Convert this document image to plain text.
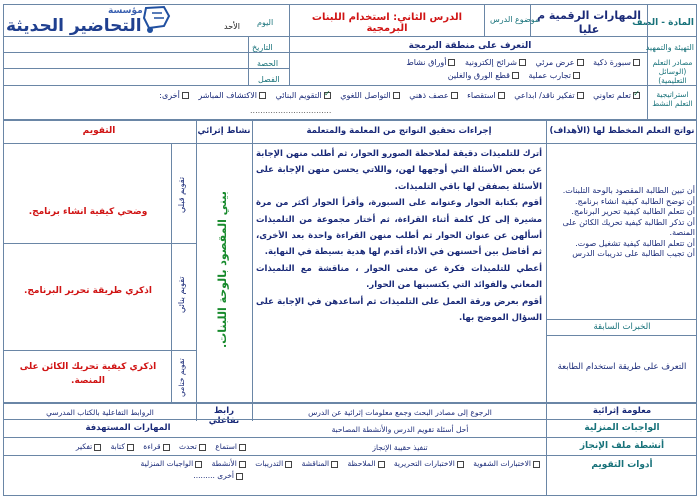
المادة - الصف
المهارات الرقمية م عليا
موضوع الدرس
الدرس الثاني: استخدام اللبنات البرمجية
اليوم
الأحد
مؤسسة
التحاضير الحديثة
التهيئة والتمهيد
التعرف على منطقة البرمجة
التاريخ
الحصة
الفصل
مصادر التعلم (الوسائل التعليمية)
سبورة ذكية عرض مرئي شرائح إلكترونية أوراق نشاط
تجارب عملية قطع الورق والغلين
استراتيجية التعلم النشط
✓تعلم تعاوني تفكير ناقد/ ابداعي استقصاء عصف ذهني التواصل اللغوي ✓التقويم البنائي الاكتشاف المباشر أخرى:
................................
نواتج التعلم المخطط لها (الأهداف)
إجراءات تحقيق النواتج من المعلمة والمتعلمة
نشاط إثرائي
التقويم
أن تبين الطالبة المقصود بالوحة التلبنات.
أن توضح الطالبة كيفية انشاء برنامج.
أن تتعلم الطالبة كيفية تحرير البرنامج.
أن تذكر الطالبة كيفية تحريك الكائن على المنصة.
أن تتعلم الطالبة كيفية تشغيل صوت.
أن تجيب الطالبة على تدريبات الدرس
الخبرات السابقة
التعرف على طريقة استخدام الطابعة
أترك للتلميذات دقيقة لملاحظة الصورو الحوار، ثم أطلب منهن الإجابة عن بعض الأسئلة التي أوجهها لهن، واللاتي يحسن منهن الإجابة على الأسئلة يصفقن لها باقي التلميذات.
أقوم بكتابة الحوار وعنوانه على السبورة، وأقرأ الحوار أكثر من مرة مشيرة إلى كل كلمة أثناء القراءة، ثم أختار مجموعة من التلميذات أسألهن عن عنوان الحوار ثم أطلب منهن القراءة واحدة بعد الأخرى، ثم أفاضل بين أحسنهن في الأداء أقدم لها هدية بسيطة في النهاية.
أعطي للتلميذات فكرة عن معنى الحوار ، مناقشة مع التلميذات المعاني والفوائد التي يكتسبنها من الحوار.
أقوم بعرض ورقة العمل على التلميذات ثم أساعدهن في الإجابة على السؤال الموضح بها.
بيني المقصود بالوحة اللبنات.
تقويم قبلي
تقويم بنائي
تقويم ختامي
وضحي كيفية انشاء برنامج.
اذكري طريقة تحرير البرنامج.
اذكري كيفية تحريك الكائن على المنصة.
معلومة إثرائية
الرجوع إلى مصادر البحث وجمع معلومات إثرائية عن الدرس
رابط تفاعلي
الروابط التفاعلية بالكتاب المدرسي
الواجبات المنزلية
أحل أسئلة تقويم الدرس والأنشطة المصاحبة
المهارات المستهدفة
أنشطة ملف الإنجاز
تنفيذ حقيبة الإنجاز
استماع تحدث قراءة كتابة تفكير
أدوات التقويم
الاختبارات الشفوية الاختبارات التحريرية الملاحظة المناقشة التدريبات الأنشطة الواجبات المنزلية
أخرى .........
